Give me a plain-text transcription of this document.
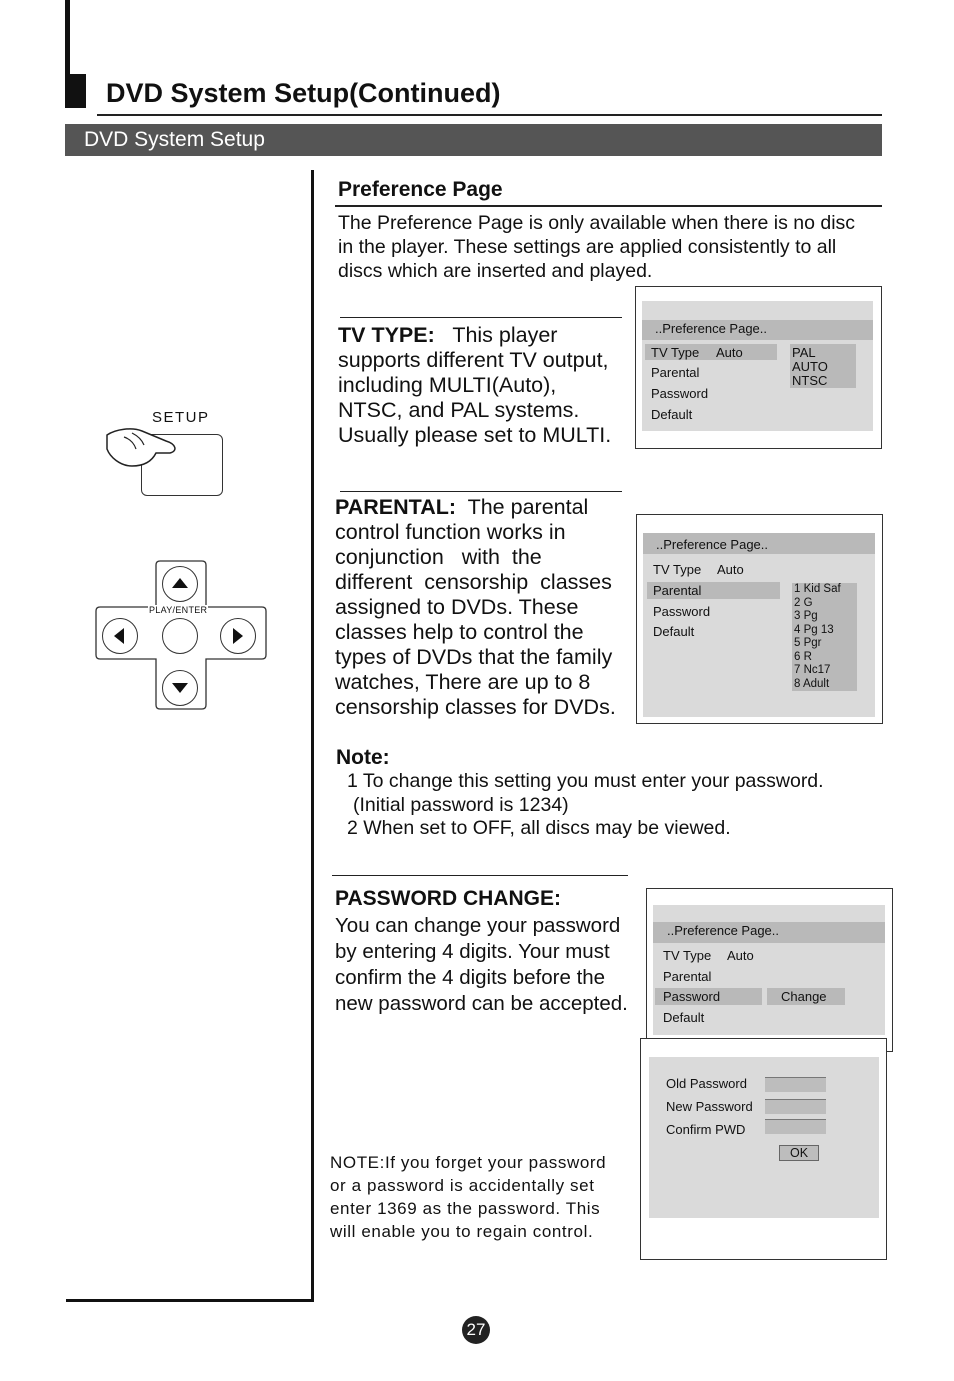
DVD System Setup(Continued)
DVD System Setup
SETUP
PLAY/ENTER
Preference Page
The Preference Page is only available when there is no disc
in the player. These settings are applied consistently to all
discs which are inserted and played.
TV TYPE: This player
supports different TV output,
including MULTI(Auto),
NTSC, and PAL systems.
Usually please set to MULTI.
..Preference Page..
TV Type Auto
Parental
Password
Default
PAL
AUTO
NTSC
PARENTAL: The parental
control function works in
conjunction   with  the
different  censorship  classes
assigned to DVDs. These
classes help to control the
types of DVDs that the family
watches, There are up to 8
censorship classes for DVDs.
..Preference Page..
TV Type Auto
Parental
Password
Default
1 Kid Saf
2 G
3 Pg
4 Pg 13
5 Pgr
6 R
7 Nc17
8 Adult
Note:
1 To change this setting you must enter your password.
(Initial password is 1234)
2 When set to OFF, all discs may be viewed.
PASSWORD CHANGE:
You can change your password
by entering 4 digits. Your must
confirm the 4 digits before the
new password can be accepted.
..Preference Page..
TV Type Auto
Parental
Password	Change
Default
Old Password
New Password
Confirm PWD
OK
NOTE:If you forget your password
or a password is accidentally set
enter 1369 as the password. This
will enable you to regain control.
27
